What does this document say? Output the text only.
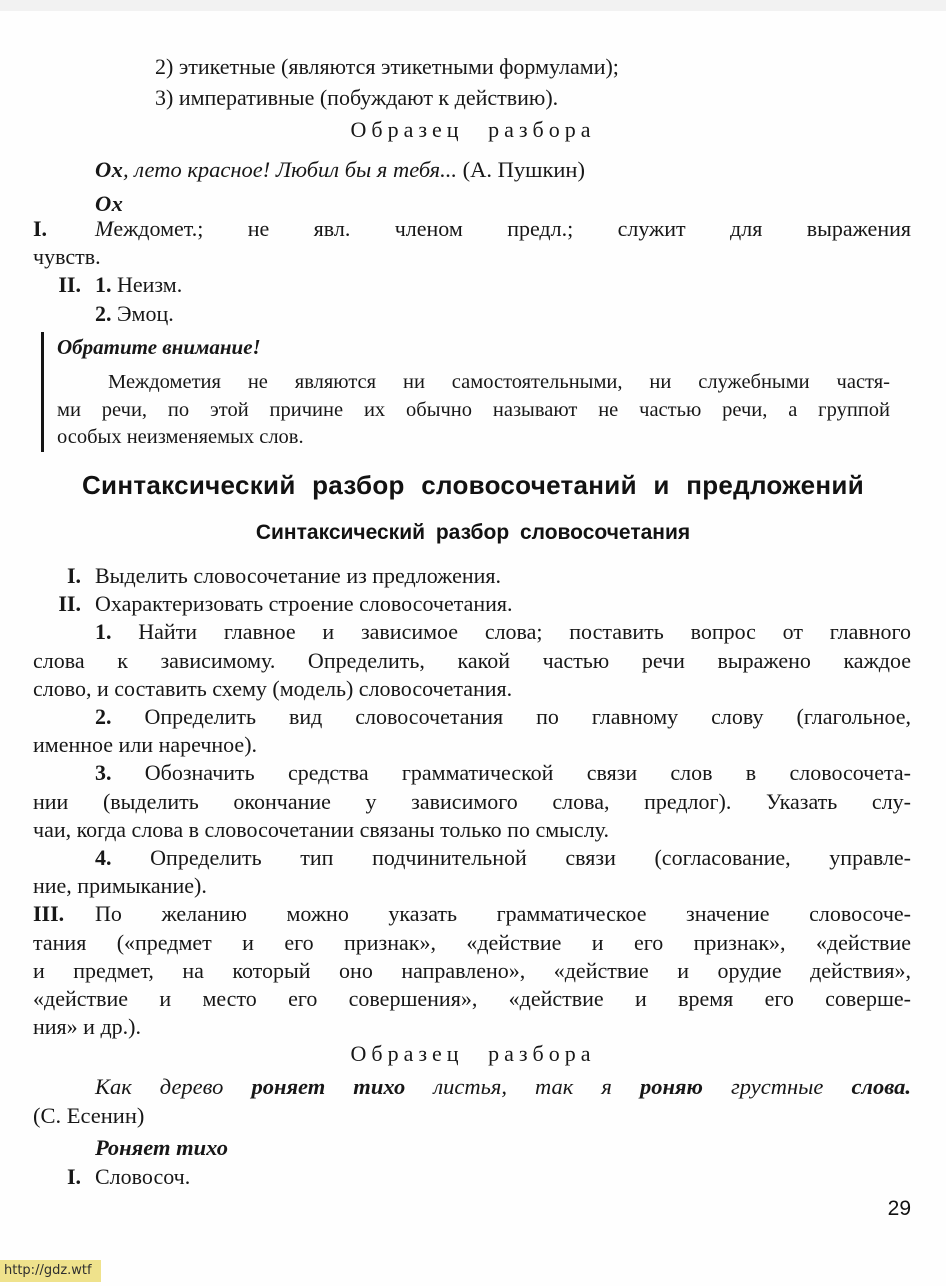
2) этикетные (являются этикетными формулами);
3) императивные (побуждают к действию).
Образец разбора
Ох, лето красное! Любил бы я тебя... (А. Пушкин)
Ох
I. Междомет.; не явл. членом предл.; служит для выражения
чувств.
II. 1. Неизм.
2. Эмоц.
Обратите внимание!
Междометия не являются ни самостоятельными, ни служебными частя-
ми речи, по этой причине их обычно называют не частью речи, а группой
особых неизменяемых слов.
Синтаксический разбор словосочетаний и предложений
Синтаксический разбор словосочетания
I. Выделить словосочетание из предложения.
II. Охарактеризовать строение словосочетания.
1. Найти главное и зависимое слова; поставить вопрос от главного
слова к зависимому. Определить, какой частью речи выражено каждое
слово, и составить схему (модель) словосочетания.
2. Определить вид словосочетания по главному слову (глагольное,
именное или наречное).
3. Обозначить средства грамматической связи слов в словосочета-
нии (выделить окончание у зависимого слова, предлог). Указать слу-
чаи, когда слова в словосочетании связаны только по смыслу.
4. Определить тип подчинительной связи (согласование, управле-
ние, примыкание).
III. По желанию можно указать грамматическое значение словосоче-
тания («предмет и его признак», «действие и его признак», «действие
и предмет, на который оно направлено», «действие и орудие действия»,
«действие и место его совершения», «действие и время его соверше-
ния» и др.).
Образец разбора
Как дерево роняет тихо листья, так я роняю грустные слова.
(С. Есенин)
Роняет тихо
I. Словосоч.
29
http://gdz.wtf
